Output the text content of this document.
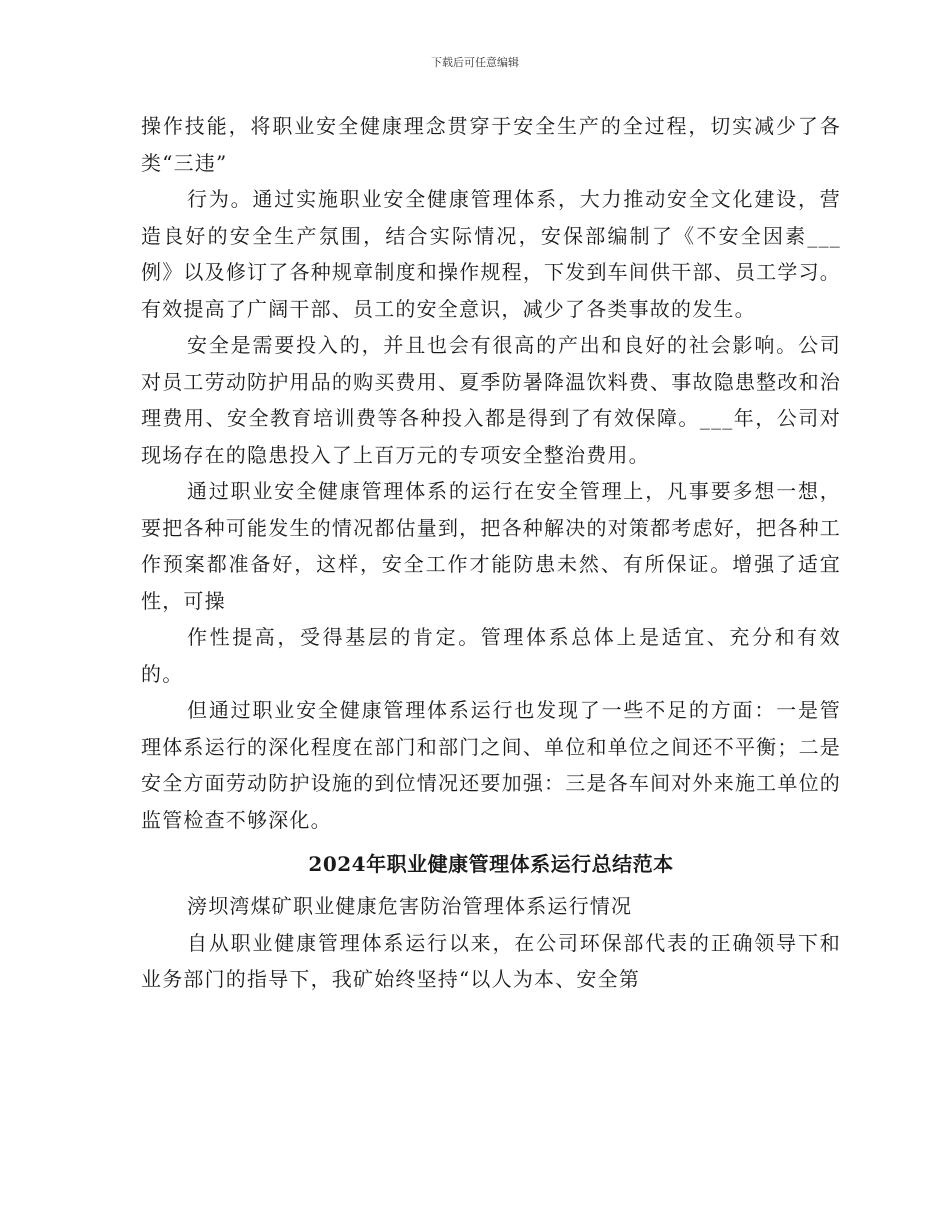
下载后可任意编辑

操作技能，将职业安全健康理念贯穿于安全生产的全过程，切实减少了各类“三违”

行为。通过实施职业安全健康管理体系，大力推动安全文化建设，营造良好的安全生产氛围，结合实际情况，安保部编制了《不安全因素___例》以及修订了各种规章制度和操作规程，下发到车间供干部、员工学习。有效提高了广阔干部、员工的安全意识，减少了各类事故的发生。

安全是需要投入的，并且也会有很高的产出和良好的社会影响。公司对员工劳动防护用品的购买费用、夏季防暑降温饮料费、事故隐患整改和治理费用、安全教育培训费等各种投入都是得到了有效保障。___年，公司对现场存在的隐患投入了上百万元的专项安全整治费用。

通过职业安全健康管理体系的运行在安全管理上，凡事要多想一想，要把各种可能发生的情况都估量到，把各种解决的对策都考虑好，把各种工作预案都准备好，这样，安全工作才能防患未然、有所保证。增强了适宜性，可操

作性提高，受得基层的肯定。管理体系总体上是适宜、充分和有效的。

但通过职业安全健康管理体系运行也发现了一些不足的方面：一是管理体系运行的深化程度在部门和部门之间、单位和单位之间还不平衡；二是安全方面劳动防护设施的到位情况还要加强：三是各车间对外来施工单位的监管检查不够深化。

2024年职业健康管理体系运行总结范本

滂坝湾煤矿职业健康危害防治管理体系运行情况

自从职业健康管理体系运行以来，在公司环保部代表的正确领导下和业务部门的指导下，我矿始终坚持“以人为本、安全第
